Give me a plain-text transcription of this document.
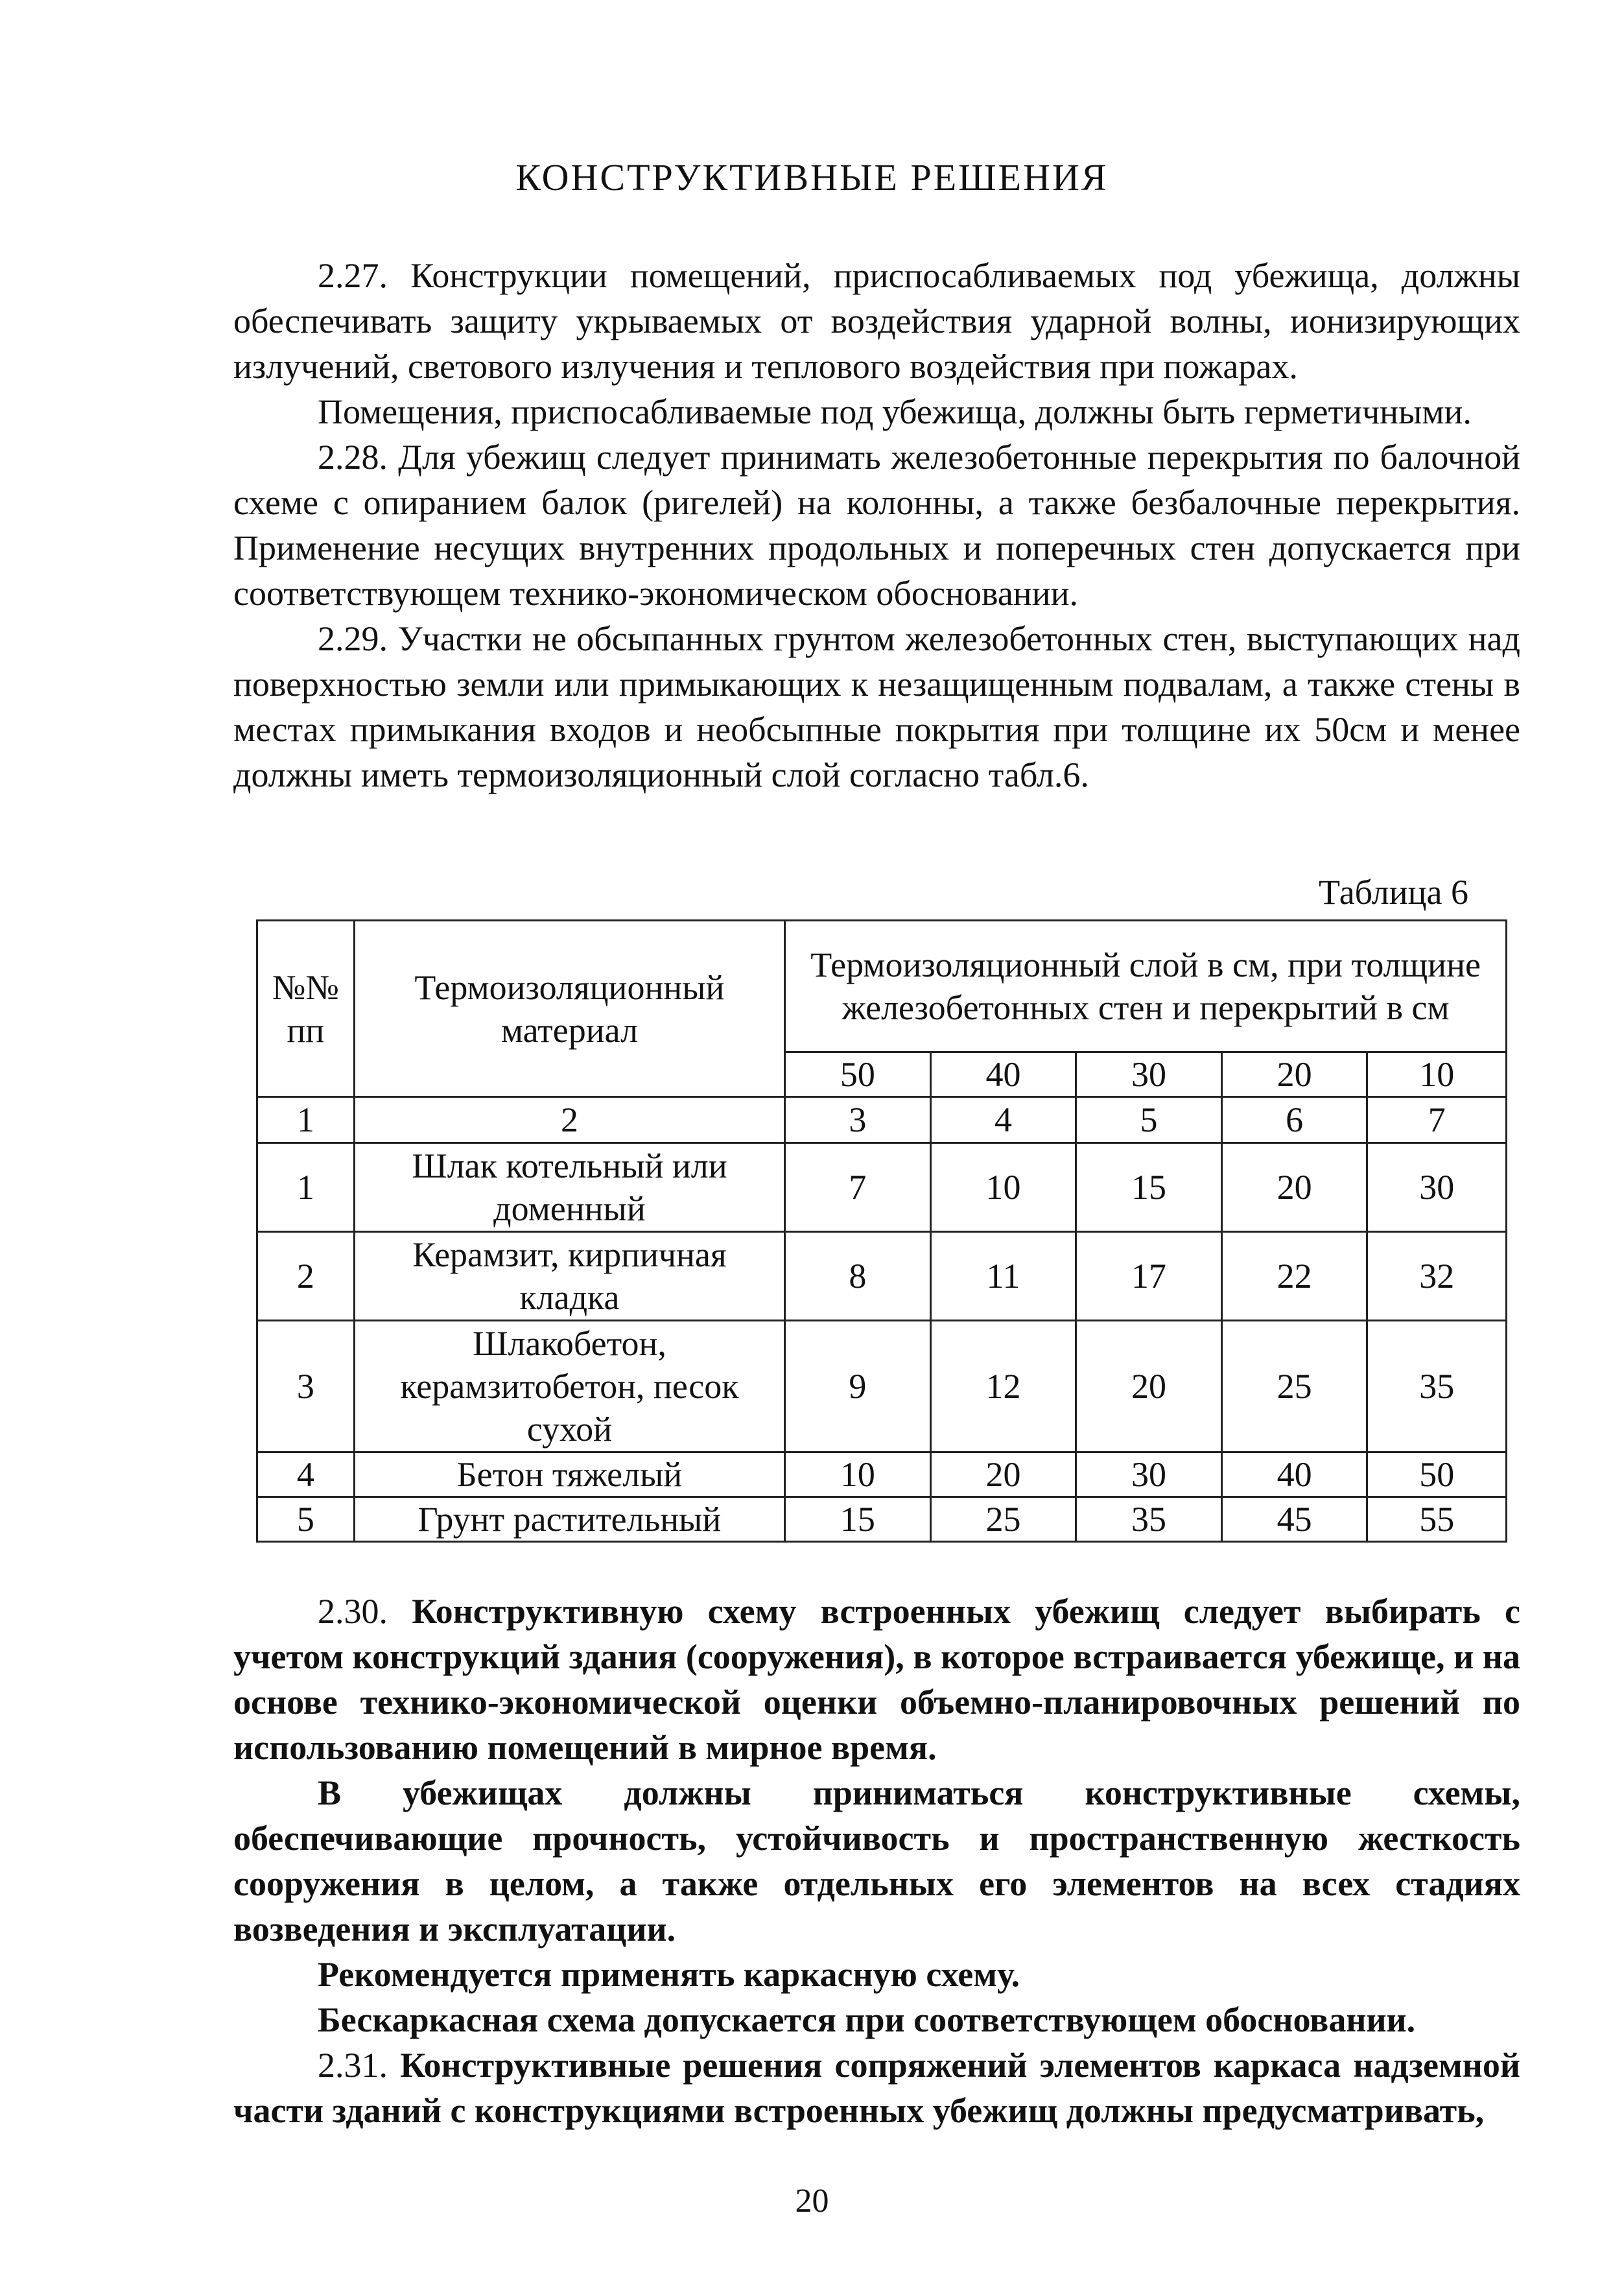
КОНСТРУКТИВНЫЕ РЕШЕНИЯ

2.27. Конструкции помещений, приспосабливаемых под убежища, должны обеспечивать защиту укрываемых от воздействия ударной волны, ионизирующих излучений, светового излучения и теплового воздействия при пожарах.

Помещения, приспосабливаемые под убежища, должны быть герметичными.

2.28. Для убежищ следует принимать железобетонные перекрытия по балочной схеме с опиранием балок (ригелей) на колонны, а также безбалочные перекрытия. Применение несущих внутренних продольных и поперечных стен допускается при соответствующем технико-экономическом обосновании.

2.29. Участки не обсыпанных грунтом железобетонных стен, выступающих над поверхностью земли или примыкающих к незащищенным подвалам, а также стены в местах примыкания входов и необсыпные покрытия при толщине их 50см и менее должны иметь термоизоляционный слой согласно табл.6.

Таблица 6
№№ пп	Термоизоляционный материал	Термоизоляционный слой в см, при толщине железобетонных стен и перекрытий в см				
		50	40	30	20	10
1	2	3	4	5	6	7
1	Шлак котельный или доменный	7	10	15	20	30
2	Керамзит, кирпичная кладка	8	11	17	22	32
3	Шлакобетон, керамзитобетон, песок сухой	9	12	20	25	35
4	Бетон тяжелый	10	20	30	40	50
5	Грунт растительный	15	25	35	45	55

2.30. Конструктивную схему встроенных убежищ следует выбирать с учетом конструкций здания (сооружения), в которое встраивается убежище, и на основе технико-экономической оценки объемно-планировочных решений по использованию помещений в мирное время.

В убежищах должны приниматься конструктивные схемы, обеспечивающие прочность, устойчивость и пространственную жесткость сооружения в целом, а также отдельных его элементов на всех стадиях возведения и эксплуатации.

Рекомендуется применять каркасную схему.

Бескаркасная схема допускается при соответствующем обосновании.

2.31. Конструктивные решения сопряжений элементов каркаса надземной части зданий с конструкциями встроенных убежищ должны предусматривать,

20
